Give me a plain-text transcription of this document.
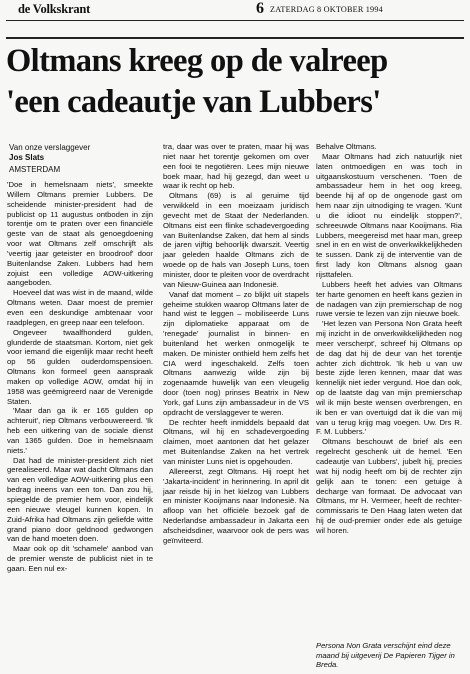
de Volkskrant	6 ZATERDAG 8 OKTOBER 1994
Oltmans kreeg op de valreep
'een cadeautje van Lubbers'
Van onze verslaggever
Jos Slats
AMSTERDAM

'Doe in hemelsnaam niets', smeekte Willem Oltmans premier Lubbers. De scheidende minister-president had de publicist op 11 augustus ontboden in zijn torentje om te praten over een financiële geste van de staat als genoegdoening voor wat Oltmans zelf omschrijft als 'veertig jaar geteister en broodroof' door Buitenlandse Zaken. Lubbers had hem zojuist een volledige AOW-uitkering aangeboden.

Hoeveel dat was wist in de maand, wilde Oltmans weten. Daar moest de premier even een deskundige ambtenaar voor raadplegen, en greep naar een telefoon.

Ongeveer twaalfhonderd gulden, glunderde de staatsman. Kortom, niet gek voor iemand die eigenlijk maar recht heeft op 56 gulden ouderdomspensioen. Oltmans kon formeel geen aanspraak maken op volledige AOW, omdat hij in 1958 was geëmigreerd naar de Verenigde Staten.

'Maar dan ga ik er 165 gulden op achteruit', riep Oltmans verbouwereerd. 'Ik heb een uitkering van de sociale dienst van 1365 gulden. Doe in hemelsnaam niets.'

Dat had de minister-president zich niet gerealiseerd. Maar wat dacht Oltmans dan van een volledige AOW-uitkering plus een bedrag ineens van een ton. Dan zou hij, spiegelde de premier hem voor, eindelijk een nieuwe vleugel kunnen kopen. In Zuid-Afrika had Oltmans zijn geliefde witte grand piano door geldnood gedwongen van de hand moeten doen.

Maar ook op dit 'schamele' aanbod van de premier wenste de publicist niet in te gaan. Een nul ex-

tra, daar was over te praten, maar hij was niet naar het torentje gekomen om over een fooi te negotiëren. Lees mijn nieuwe boek maar, had hij gezegd, dan weet u waar ik recht op heb.

Oltmans (69) is al geruime tijd verwikkeld in een moeizaam juridisch gevecht met de Staat der Nederlanden. Oltmans eist een flinke schadevergoeding van Buitenlandse Zaken, dat hem al sinds de jaren vijftig behoorlijk dwarszit. Veertig jaar geleden haalde Oltmans zich de woede op de hals van Joseph Luns, toen minister, door te pleiten voor de overdracht van Nieuw-Guinea aan Indonesië.

Vanaf dat moment – zo blijkt uit stapels geheime stukken waarop Oltmans later de hand wist te leggen – mobiliseerde Luns zijn diplomatieke apparaat om de 'renegade' journalist in binnen- en buitenland het werken onmogelijk te maken. De minister onthield hem zelfs het CIA werd ingeschakeld. Zelfs toen Oltmans aanwezig wilde zijn bij zogenaamde huwelijk van een vleugelig door (toen nog) prinses Beatrix in New York, gaf Luns zijn ambassadeur in de VS opdracht de verslaggever te weren.

De rechter heeft inmiddels bepaald dat Oltmans, wil hij en schadevergoeding claimen, moet aantonen dat het gelazer met Buitenlandse Zaken na het vertrek van minister Luns niet is opgehouden.

Allereerst, zegt Oltmans. Hij roept het 'Jakarta-incident' in herinnering. In april dit jaar reisde hij in het kielzog van Lubbers en minister Kooijmans naar Indonesië. Na afloop van het officiële bezoek gaf de Nederlandse ambassadeur in Jakarta een afscheidsdiner, waarvoor ook de pers was geïnviteerd.

Behalve Oltmans.

Maar Oltmans had zich natuurlijk niet laten ontmoedigen en was toch in uitgaanskostuum verschenen. 'Toen de ambassadeur hem in het oog kreeg, beende hij af op de ongenode gast om hem naar zijn uitnodiging te vragen. 'Kunt u die idioot nu eindelijk stoppen?', schreeuwde Oltmans naar Kooijmans. Ria Lubbers, meegereisd met haar man, greep snel in en en wist de onverkwikkelijkheden te sussen. Dank zij de interventie van de first lady kon Oltmans alsnog gaan rijsttafelen.

Lubbers heeft het advies van Oltmans ter harte genomen en heeft kans gezien in de nadagen van zijn premierschap de nog ruwe versie te lezen van zijn nieuwe boek.

'Het lezen van Persona Non Grata heeft mij inzicht in de onverkwikkelijkheden nog meer verscherpt', schreef hij Oltmans op de dag dat hij de deur van het torentje achter zich dichttrok. 'Ik heb u van uw beste zijde leren kennen, maar dat was kennelijk niet ieder vergund. Hoe dan ook, op de laatste dag van mijn premierschap wil ik mijn beste wensen overbrengen, en ik ben er van overtuigd dat ik die van mij van u terug krijg mag voegen. Uw. Drs R. F. M. Lubbers.'

Oltmans beschouwt de brief als een regelrecht geschenk uit de hemel. 'Een cadeautje van Lubbers', jubelt hij, precies wat hij nodig heeft om bij de rechter zijn gelijk aan te tonen: een getuige à decharge van formaat. De advocaat van Oltmans, mr H. Vermeer, heeft de rechter-commissaris te Den Haag laten weten dat hij de oud-premier onder ede als getuige wil horen.

Persona Non Grata verschijnt eind deze maand bij uitgeverij De Papieren Tijger in Breda.
